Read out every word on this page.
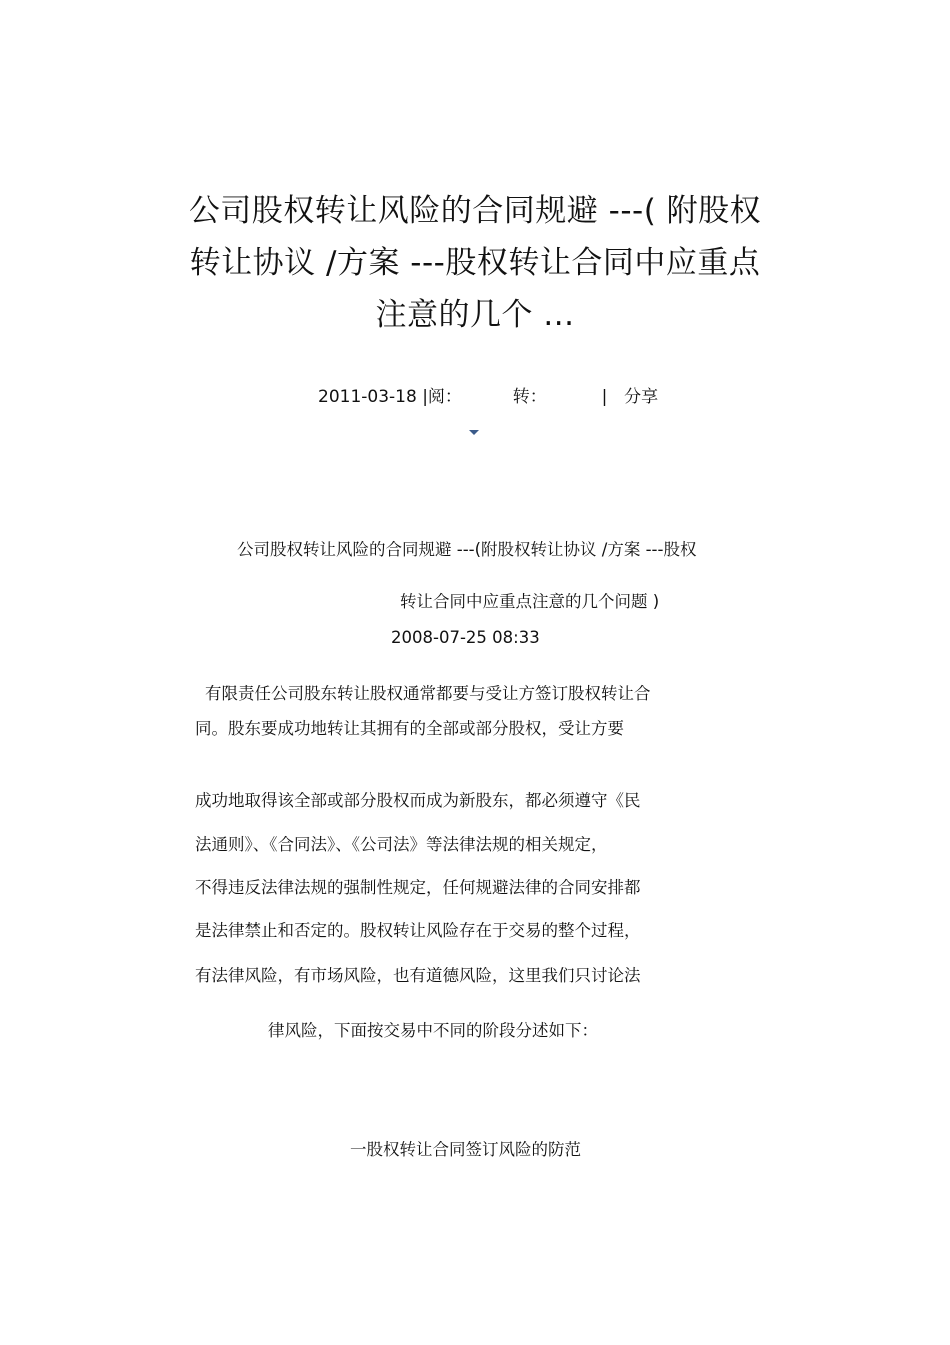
公司股权转让风险的合同规避 ---( 附股权
转让协议 /方案 ---股权转让合同中应重点
注意的几个 ...
2011-03-18 |阅：	转：	| 分享
公司股权转让风险的合同规避 ---(附股权转让协议 /方案 ---股权
转让合同中应重点注意的几个问题 )
2008-07-25 08:33
有限责任公司股东转让股权通常都要与受让方签订股权转让合
同。股东要成功地转让其拥有的全部或部分股权，受让方要
成功地取得该全部或部分股权而成为新股东，都必须遵守《民
法通则》、《合同法》、《公司法》等法律法规的相关规定，
不得违反法律法规的强制性规定，任何规避法律的合同安排都
是法律禁止和否定的。股权转让风险存在于交易的整个过程，
有法律风险，有市场风险，也有道德风险，这里我们只讨论法
律风险，下面按交易中不同的阶段分述如下：
一股权转让合同签订风险的防范
